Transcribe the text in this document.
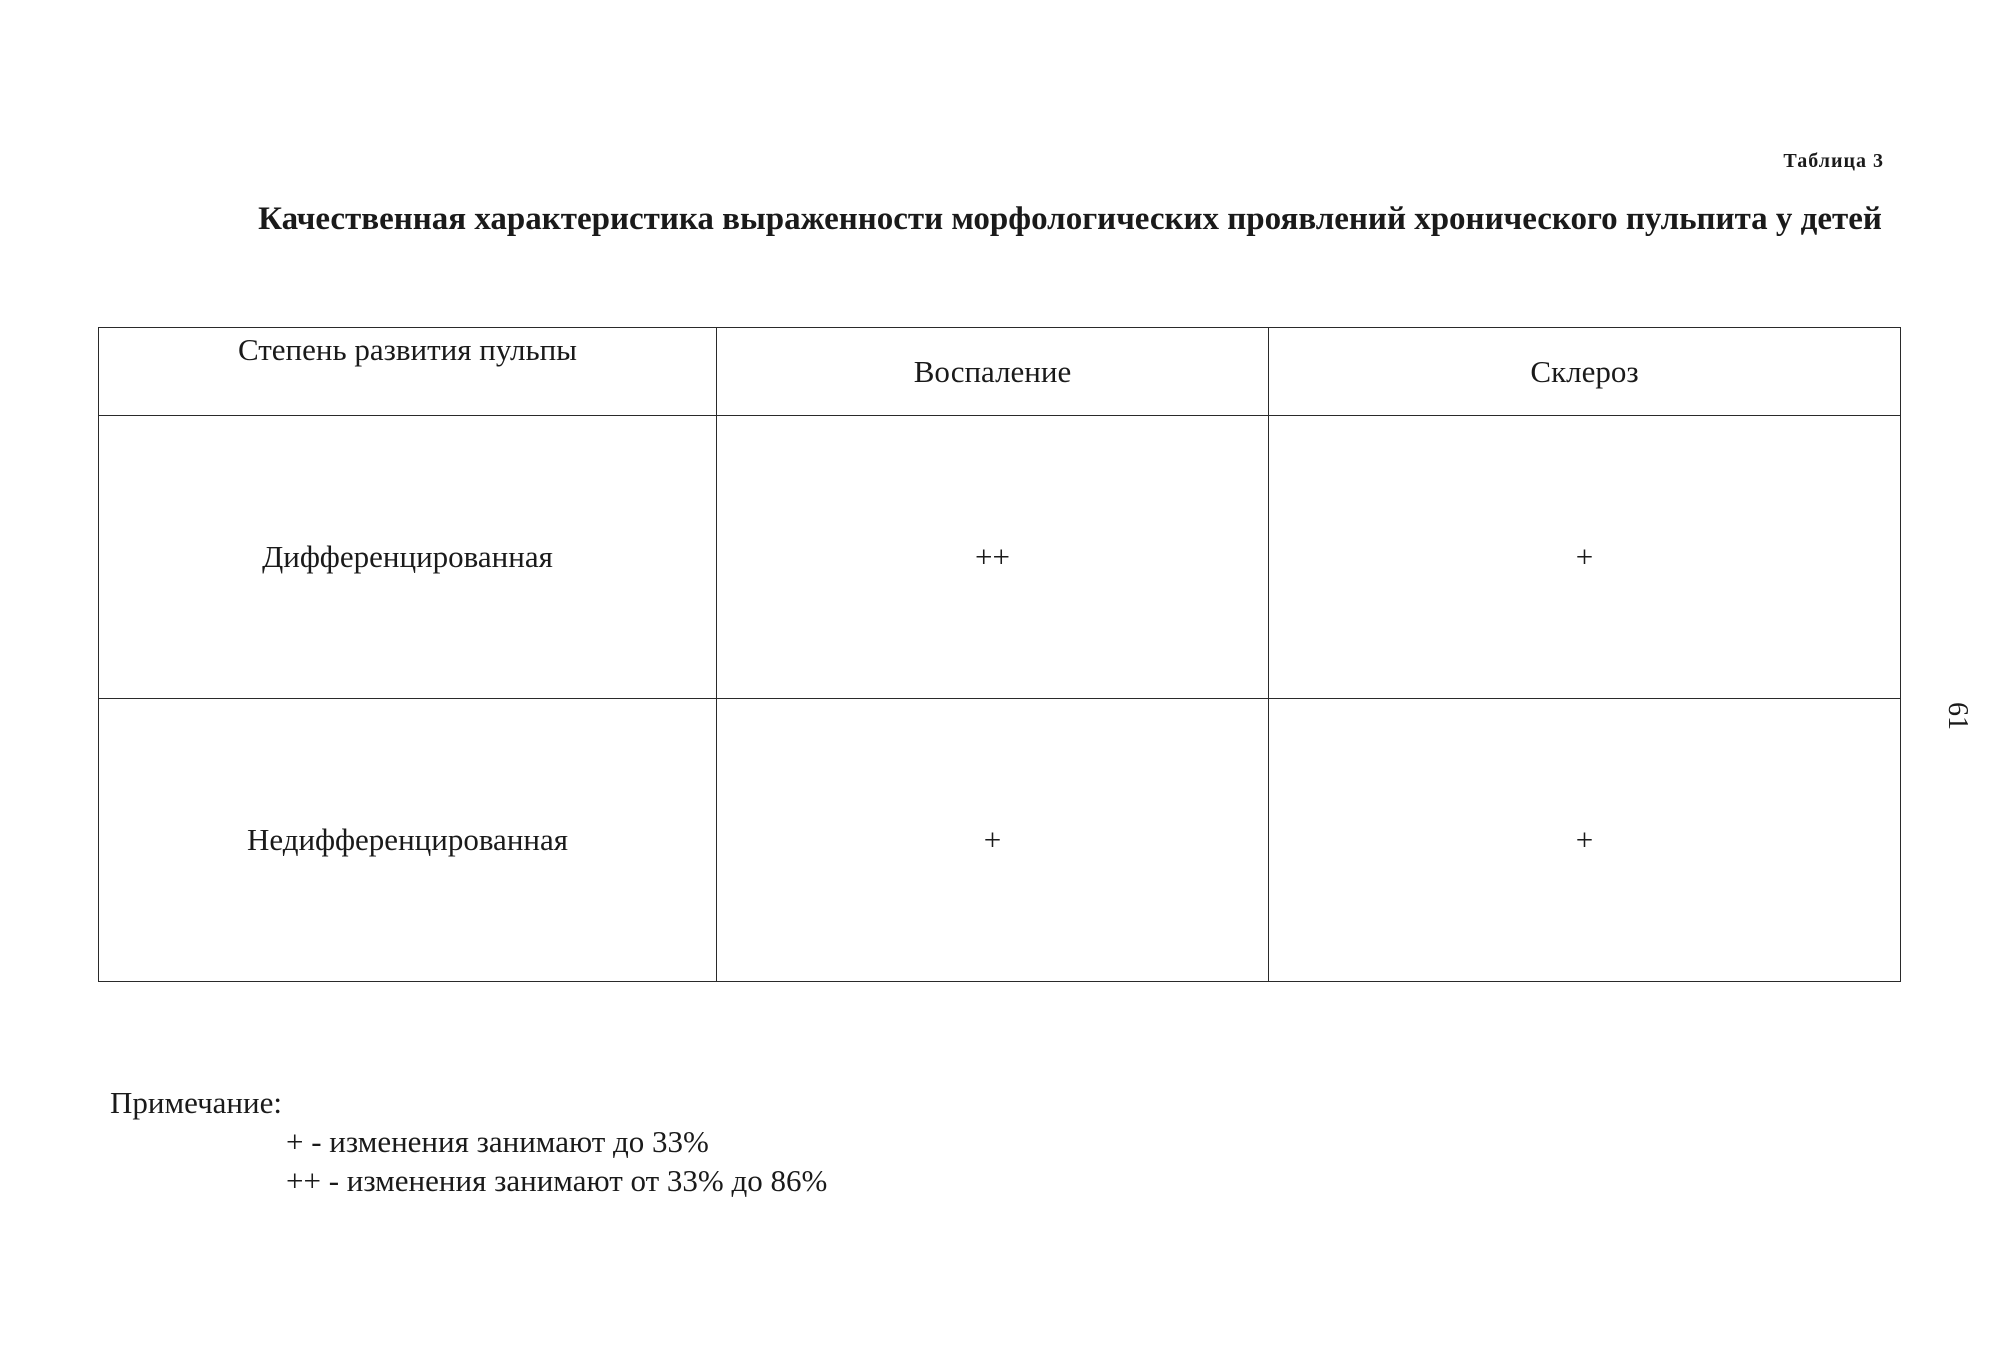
Таблица 3
Качественная характеристика выраженности морфологических проявлений хронического пульпита у детей
61
Степень развития пульпы	Воспаление	Склероз
Дифференцированная	++	+
Недифференцированная	+	+
Примечание:
+ - изменения занимают до 33%
++ - изменения занимают от 33% до 86%
